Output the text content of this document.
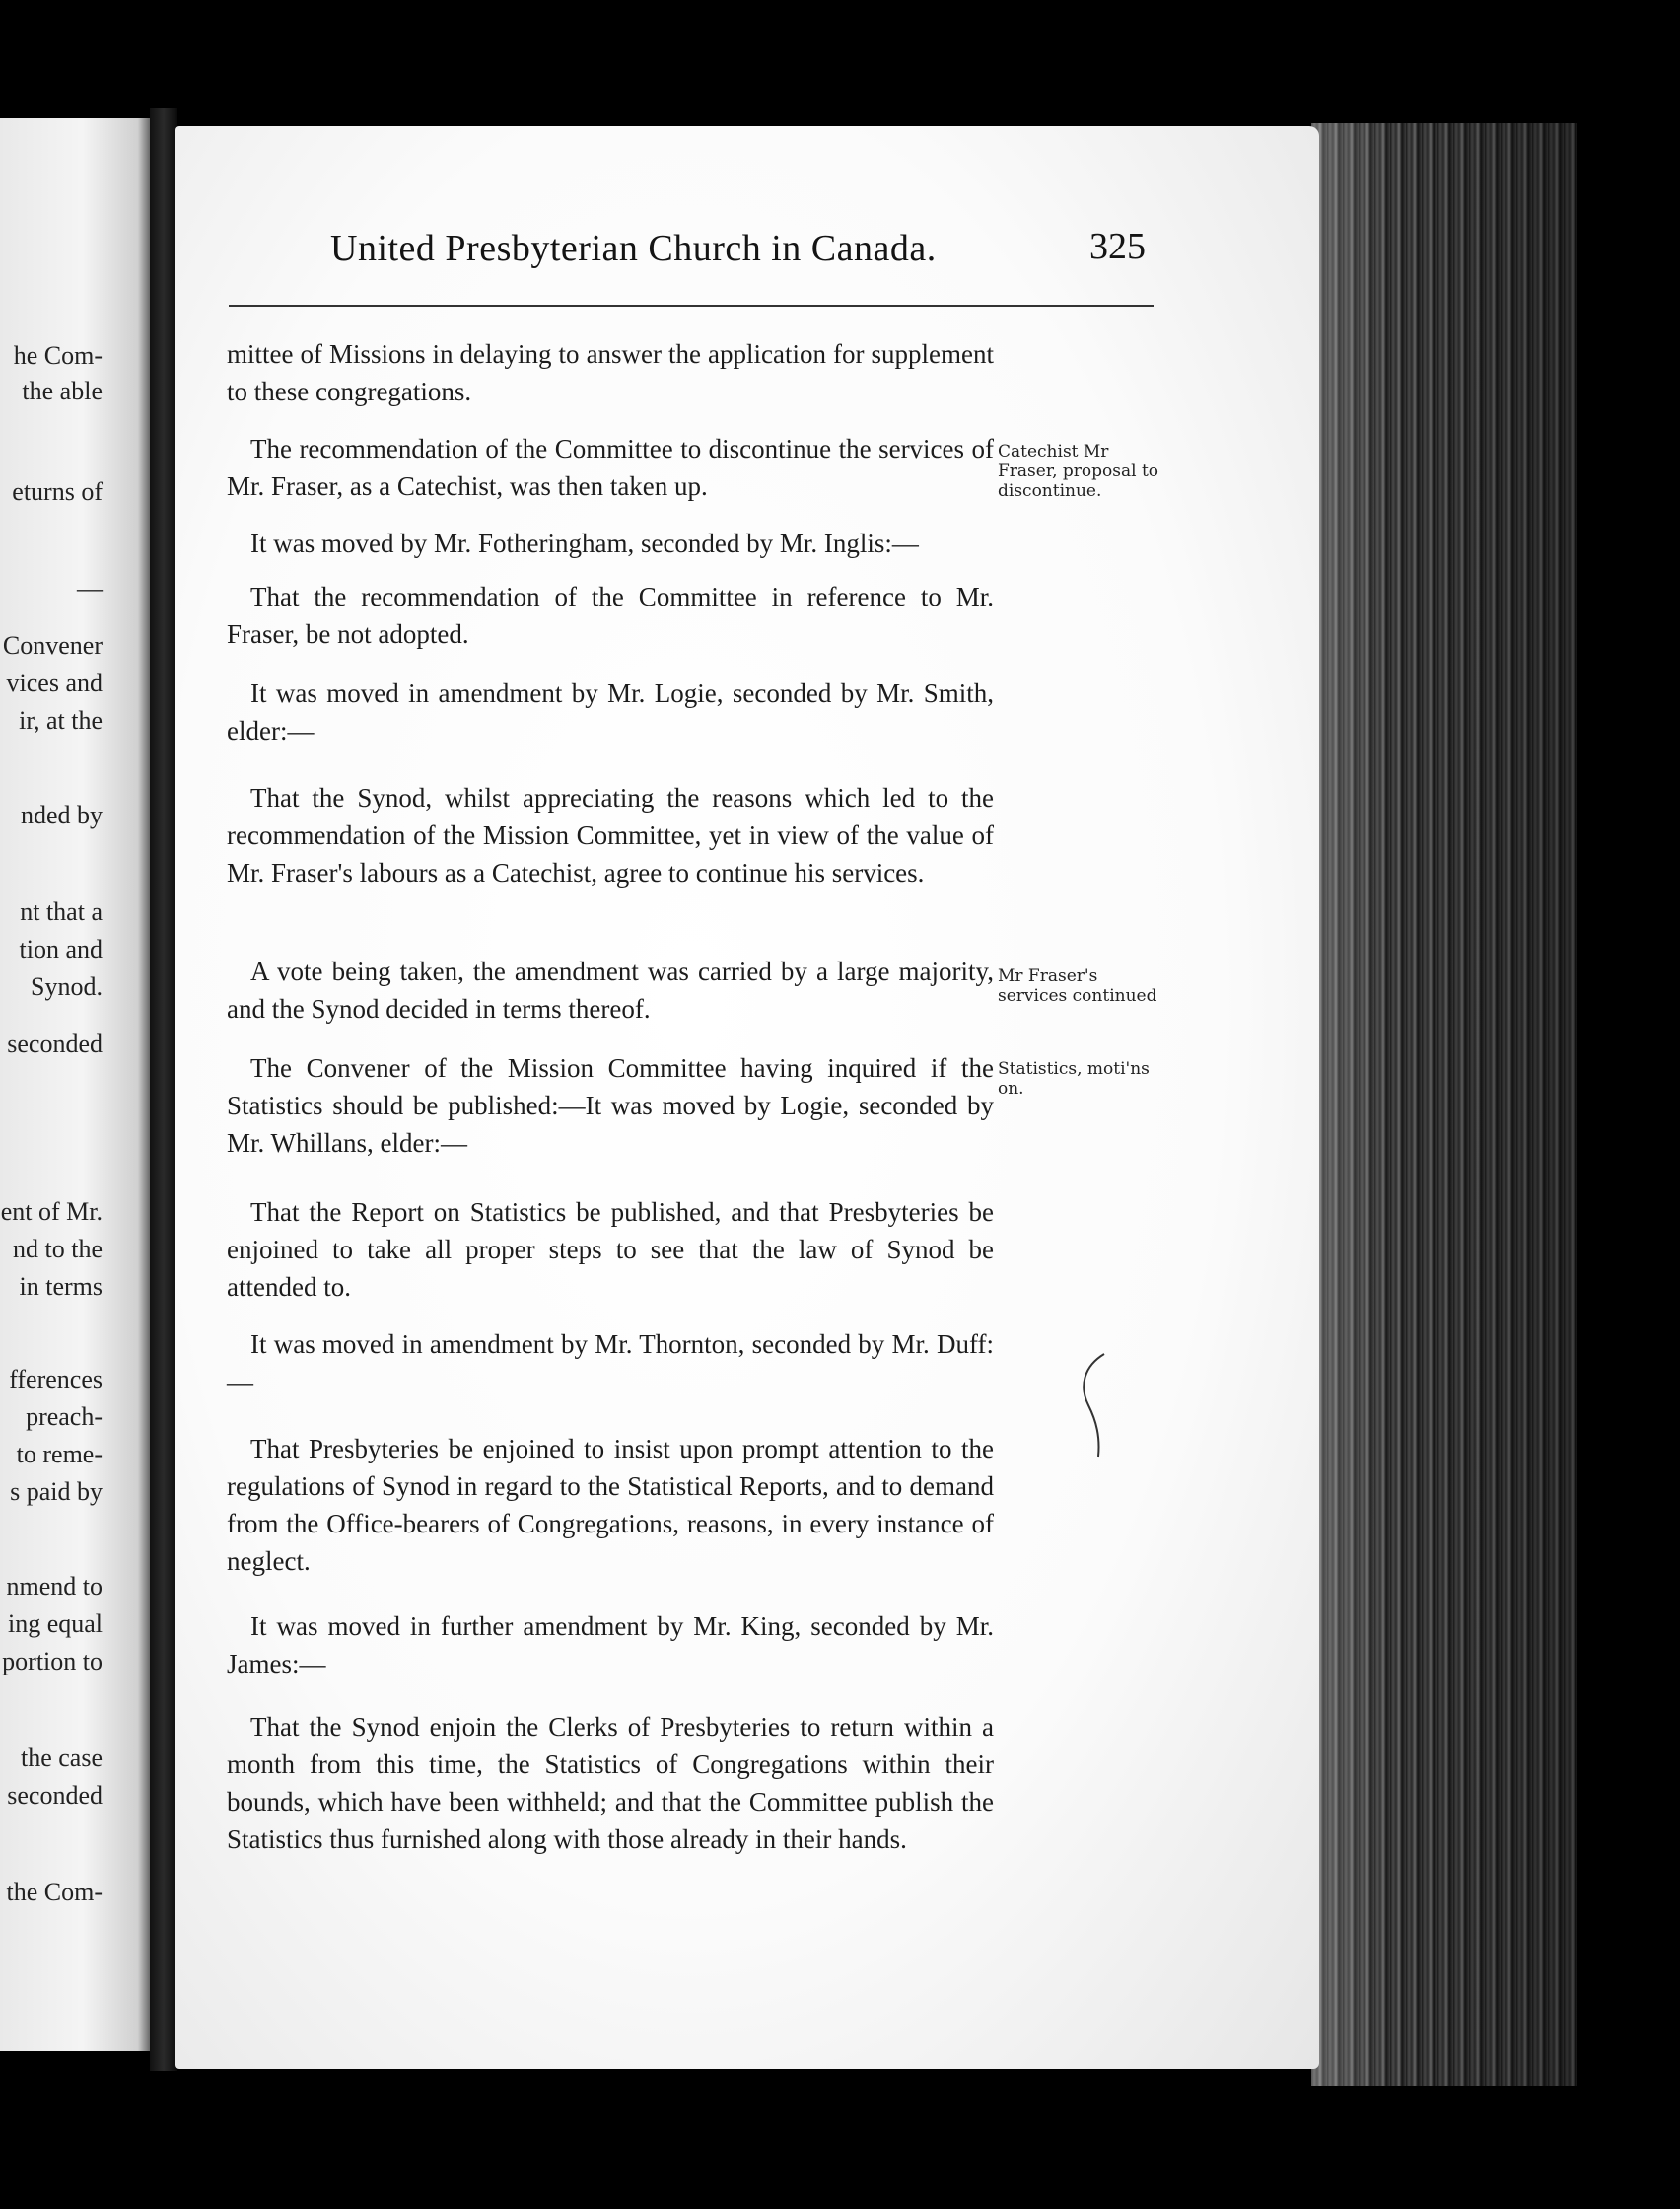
he Com-
the able
eturns of
—
Convener
vices and
ir, at the
nded by
nt that a
tion and
Synod.
seconded
ent of Mr.
nd to the
in terms
fferences
preach-
to reme-
s paid by
nmend to
ing equal
portion to
the case
seconded
the Com-
United Presbyterian Church in Canada.	325
mittee of Missions in delaying to answer the application for supplement to these congregations.
The recommendation of the Committee to discontinue the services of Mr. Fraser, as a Catechist, was then taken up.
It was moved by Mr. Fotheringham, seconded by Mr. Inglis:—
That the recommendation of the Committee in reference to Mr. Fraser, be not adopted.
It was moved in amendment by Mr. Logie, seconded by Mr. Smith, elder:—
That the Synod, whilst appreciating the reasons which led to the recommendation of the Mission Committee, yet in view of the value of Mr. Fraser's labours as a Catechist, agree to continue his services.
A vote being taken, the amendment was carried by a large majority, and the Synod decided in terms thereof.
The Convener of the Mission Committee having inquired if the Statistics should be published:—It was moved by Logie, seconded by Mr. Whillans, elder:—
That the Report on Statistics be published, and that Presbyteries be enjoined to take all proper steps to see that the law of Synod be attended to.
It was moved in amendment by Mr. Thornton, seconded by Mr. Duff:—
That Presbyteries be enjoined to insist upon prompt attention to the regulations of Synod in regard to the Statistical Reports, and to demand from the Office-bearers of Congregations, reasons, in every instance of neglect.
It was moved in further amendment by Mr. King, seconded by Mr. James:—
That the Synod enjoin the Clerks of Presbyteries to return within a month from this time, the Statistics of Congregations within their bounds, which have been withheld; and that the Committee publish the Statistics thus furnished along with those already in their hands.
Catechist Mr Fraser, proposal to discontinue.
Mr Fraser's services continued
Statistics, moti'ns on.
